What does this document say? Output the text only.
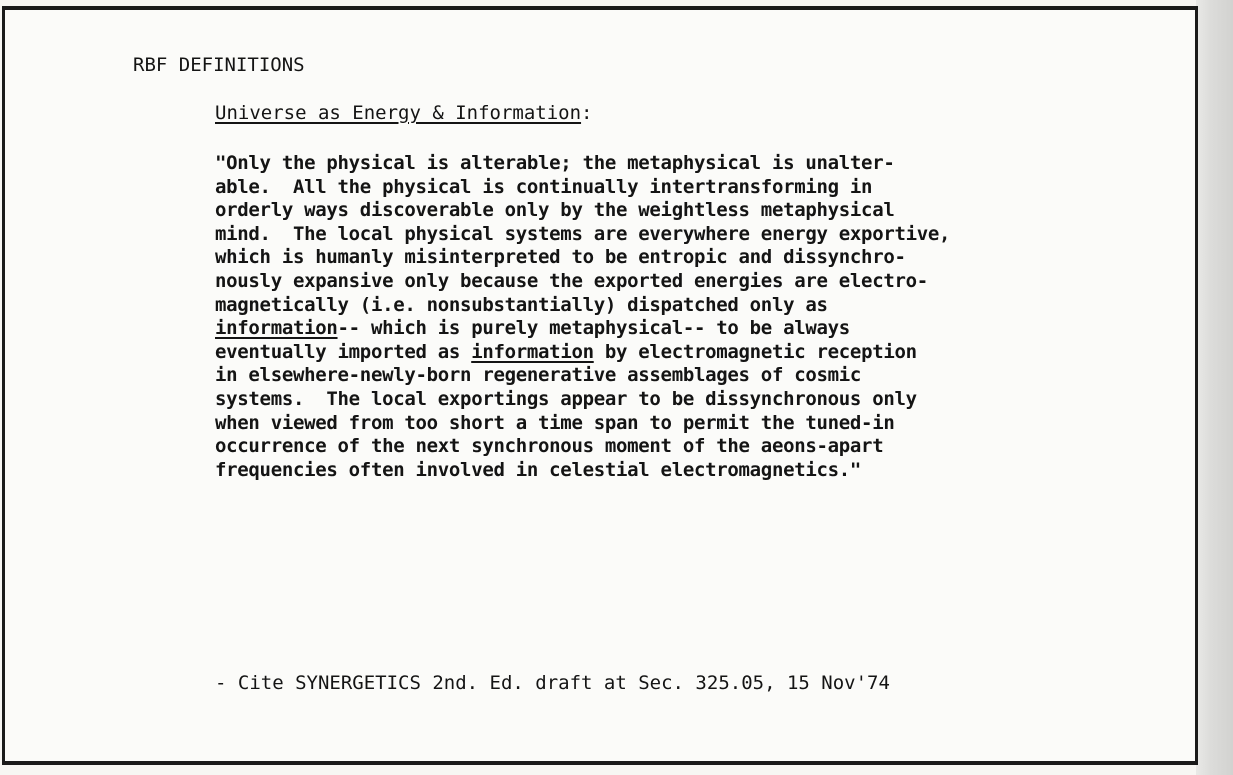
RBF DEFINITIONS
Universe as Energy & Information:
"Only the physical is alterable; the metaphysical is unalter-
able.  All the physical is continually intertransforming in
orderly ways discoverable only by the weightless metaphysical
mind.  The local physical systems are everywhere energy exportive,
which is humanly misinterpreted to be entropic and dissynchro-
nously expansive only because the exported energies are electro-
magnetically (i.e. nonsubstantially) dispatched only as
information-- which is purely metaphysical-- to be always
eventually imported as information by electromagnetic reception
in elsewhere-newly-born regenerative assemblages of cosmic
systems.  The local exportings appear to be dissynchronous only
when viewed from too short a time span to permit the tuned-in
occurrence of the next synchronous moment of the aeons-apart
frequencies often involved in celestial electromagnetics."
- Cite SYNERGETICS 2nd. Ed. draft at Sec. 325.05, 15 Nov'74
